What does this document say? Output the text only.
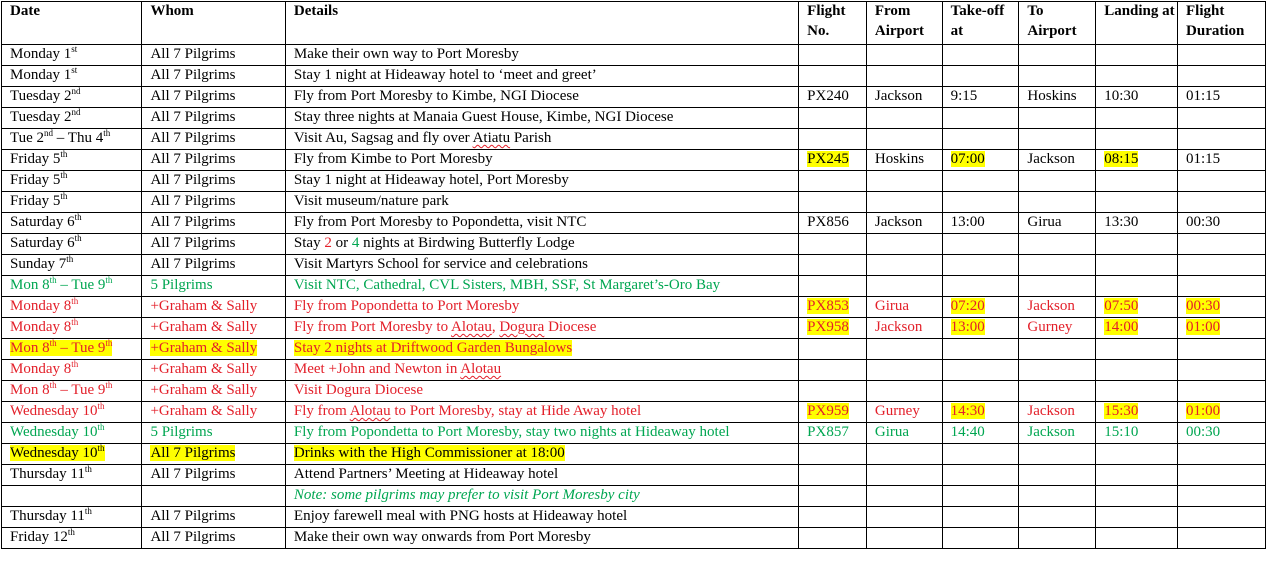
Date	Whom	Details	Flight No.	From Airport	Take-off at	To Airport	Landing at	Flight Duration
Monday 1st	All 7 Pilgrims	Make their own way to Port Moresby						
Monday 1st	All 7 Pilgrims	Stay 1 night at Hideaway hotel to ‘meet and greet’						
Tuesday 2nd	All 7 Pilgrims	Fly from Port Moresby to Kimbe, NGI Diocese	PX240	Jackson	9:15	Hoskins	10:30	01:15
Tuesday 2nd	All 7 Pilgrims	Stay three nights at Manaia Guest House, Kimbe, NGI Diocese						
Tue 2nd – Thu 4th	All 7 Pilgrims	Visit Au, Sagsag and fly over Atiatu Parish						
Friday 5th	All 7 Pilgrims	Fly from Kimbe to Port Moresby	PX245	Hoskins	07:00	Jackson	08:15	01:15
Friday 5th	All 7 Pilgrims	Stay 1 night at Hideaway hotel, Port Moresby						
Friday 5th	All 7 Pilgrims	Visit museum/nature park						
Saturday 6th	All 7 Pilgrims	Fly from Port Moresby to Popondetta, visit NTC	PX856	Jackson	13:00	Girua	13:30	00:30
Saturday 6th	All 7 Pilgrims	Stay 2 or 4 nights at Birdwing Butterfly Lodge						
Sunday 7th	All 7 Pilgrims	Visit Martyrs School for service and celebrations						
Mon 8th – Tue 9th	5 Pilgrims	Visit NTC, Cathedral, CVL Sisters, MBH, SSF, St Margaret’s-Oro Bay						
Monday 8th	+Graham & Sally	Fly from Popondetta to Port Moresby	PX853	Girua	07:20	Jackson	07:50	00:30
Monday 8th	+Graham & Sally	Fly from Port Moresby to Alotau, Dogura Diocese	PX958	Jackson	13:00	Gurney	14:00	01:00
Mon 8th – Tue 9th	+Graham & Sally	Stay 2 nights at Driftwood Garden Bungalows						
Monday 8th	+Graham & Sally	Meet +John and Newton in Alotau						
Mon 8th – Tue 9th	+Graham & Sally	Visit Dogura Diocese						
Wednesday 10th	+Graham & Sally	Fly from Alotau to Port Moresby, stay at Hide Away hotel	PX959	Gurney	14:30	Jackson	15:30	01:00
Wednesday 10th	5 Pilgrims	Fly from Popondetta to Port Moresby, stay two nights at Hideaway hotel	PX857	Girua	14:40	Jackson	15:10	00:30
Wednesday 10th	All 7 Pilgrims	Drinks with the High Commissioner at 18:00						
Thursday 11th	All 7 Pilgrims	Attend Partners’ Meeting at Hideaway hotel						
		Note: some pilgrims may prefer to visit Port Moresby city						
Thursday 11th	All 7 Pilgrims	Enjoy farewell meal with PNG hosts at Hideaway hotel						
Friday 12th	All 7 Pilgrims	Make their own way onwards from Port Moresby						
